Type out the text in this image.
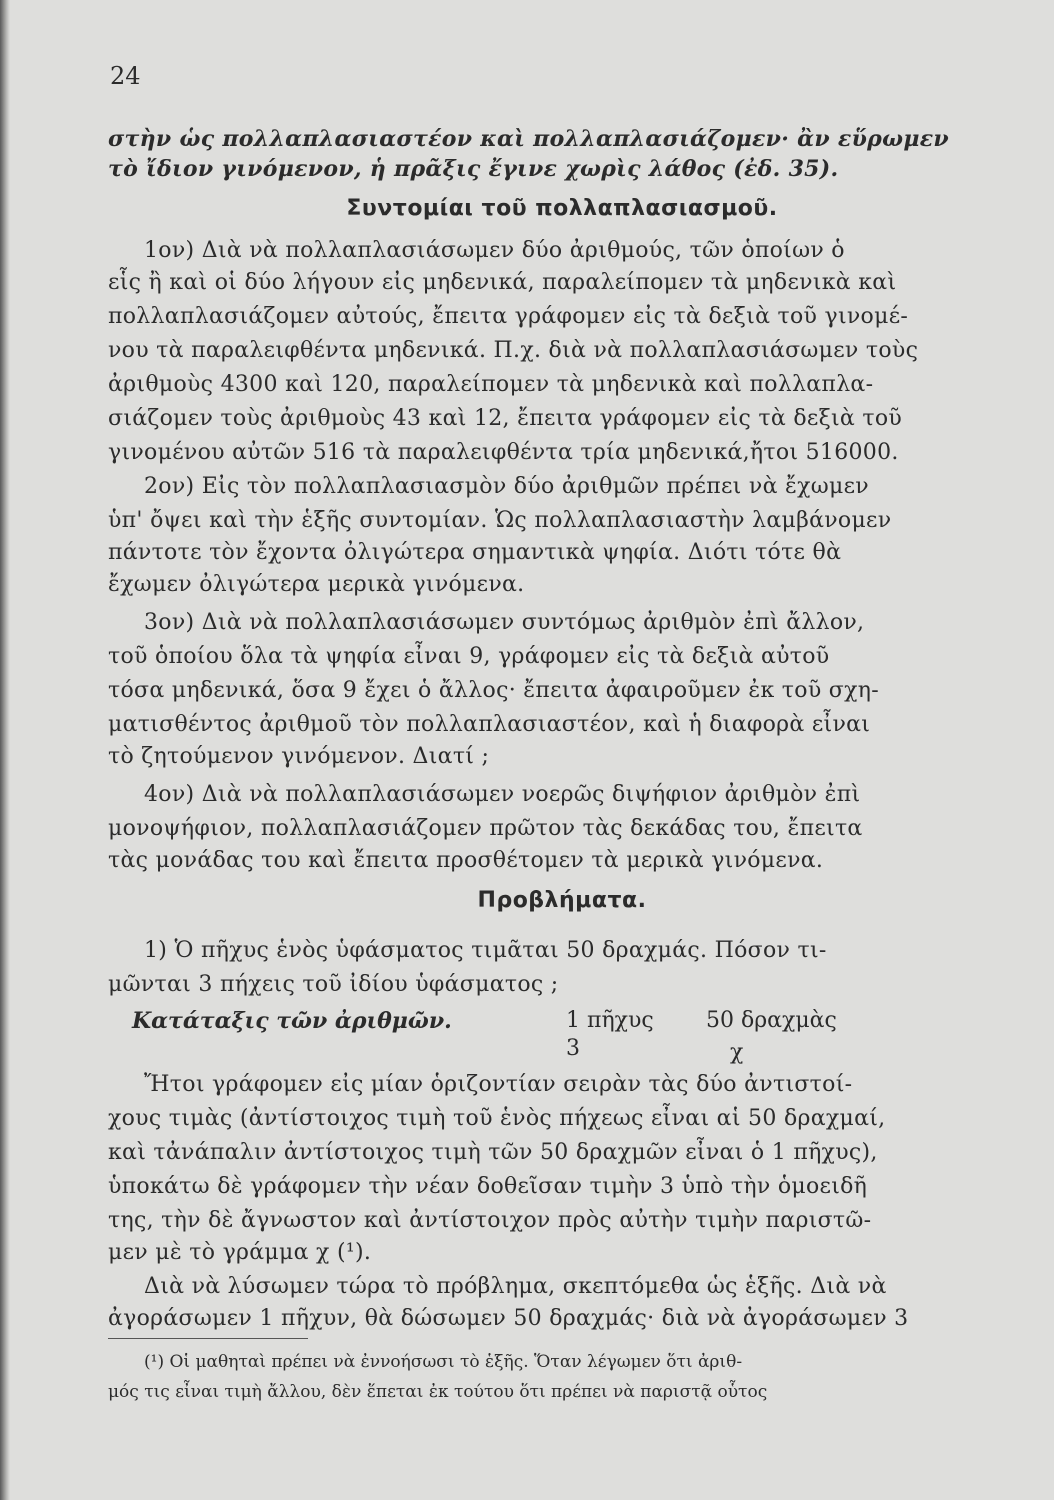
24
στὴν ὡς πολλαπλασιαστέον καὶ πολλαπλασιάζομεν· ἂν εὕρωμεν
τὸ ἴδιον γινόμενον, ἡ πρᾶξις ἔγινε χωρὶς λάθος (ἐδ. 35).
Συντομίαι τοῦ πολλαπλασιασμοῦ.
1ον) Διὰ νὰ πολλαπλασιάσωμεν δύο ἀριθμούς, τῶν ὁποίων ὁ
εἷς ἢ καὶ οἱ δύο λήγουν εἰς μηδενικά, παραλείπομεν τὰ μηδενικὰ καὶ
πολλαπλασιάζομεν αὐτούς, ἔπειτα γράφομεν εἰς τὰ δεξιὰ τοῦ γινομέ-
νου τὰ παραλειφθέντα μηδενικά. Π.χ. διὰ νὰ πολλαπλασιάσωμεν τοὺς
ἀριθμοὺς 4300 καὶ 120, παραλείπομεν τὰ μηδενικὰ καὶ πολλαπλα-
σιάζομεν τοὺς ἀριθμοὺς 43 καὶ 12, ἔπειτα γράφομεν εἰς τὰ δεξιὰ τοῦ
γινομένου αὐτῶν 516 τὰ παραλειφθέντα τρία μηδενικά,ἤτοι 516000.
2ον) Εἰς τὸν πολλαπλασιασμὸν δύο ἀριθμῶν πρέπει νὰ ἔχωμεν
ὑπ' ὄψει καὶ τὴν ἑξῆς συντομίαν. Ὡς πολλαπλασιαστὴν λαμβάνομεν
πάντοτε τὸν ἔχοντα ὀλιγώτερα σημαντικὰ ψηφία. Διότι τότε θὰ
ἔχωμεν ὀλιγώτερα μερικὰ γινόμενα.
3ον) Διὰ νὰ πολλαπλασιάσωμεν συντόμως ἀριθμὸν ἐπὶ ἄλλον,
τοῦ ὁποίου ὅλα τὰ ψηφία εἶναι 9, γράφομεν εἰς τὰ δεξιὰ αὐτοῦ
τόσα μηδενικά, ὅσα 9 ἔχει ὁ ἄλλος· ἔπειτα ἀφαιροῦμεν ἐκ τοῦ σχη-
ματισθέντος ἀριθμοῦ τὸν πολλαπλασιαστέον, καὶ ἡ διαφορὰ εἶναι
τὸ ζητούμενον γινόμενον. Διατί ;
4ον) Διὰ νὰ πολλαπλασιάσωμεν νοερῶς διψήφιον ἀριθμὸν ἐπὶ
μονοψήφιον, πολλαπλασιάζομεν πρῶτον τὰς δεκάδας του, ἔπειτα
τὰς μονάδας του καὶ ἔπειτα προσθέτομεν τὰ μερικὰ γινόμενα.
Προβλήματα.
1) Ὁ πῆχυς ἑνὸς ὑφάσματος τιμᾶται 50 δραχμάς. Πόσον τι-
μῶνται 3 πήχεις τοῦ ἰδίου ὑφάσματος ;
Κατάταξις τῶν ἀριθμῶν.	1 πῆχυς 50 δραχμὰς
3	χ
Ἤτοι γράφομεν εἰς μίαν ὁριζοντίαν σειρὰν τὰς δύο ἀντιστοί-
χους τιμὰς (ἀντίστοιχος τιμὴ τοῦ ἑνὸς πήχεως εἶναι αἱ 50 δραχμαί,
καὶ τἀνάπαλιν ἀντίστοιχος τιμὴ τῶν 50 δραχμῶν εἶναι ὁ 1 πῆχυς),
ὑποκάτω δὲ γράφομεν τὴν νέαν δοθεῖσαν τιμὴν 3 ὑπὸ τὴν ὁμοειδῆ
της, τὴν δὲ ἄγνωστον καὶ ἀντίστοιχον πρὸς αὐτὴν τιμὴν παριστῶ-
μεν μὲ τὸ γράμμα χ (¹).
Διὰ νὰ λύσωμεν τώρα τὸ πρόβλημα, σκεπτόμεθα ὡς ἑξῆς. Διὰ νὰ
ἀγοράσωμεν 1 πῆχυν, θὰ δώσωμεν 50 δραχμάς· διὰ νὰ ἀγοράσωμεν 3
(¹) Οἱ μαθηταὶ πρέπει νὰ ἐννοήσωσι τὸ ἑξῆς. Ὅταν λέγωμεν ὅτι ἀριθ-
μός τις εἶναι τιμὴ ἄλλου, δὲν ἕπεται ἐκ τούτου ὅτι πρέπει νὰ παριστᾷ οὗτος
